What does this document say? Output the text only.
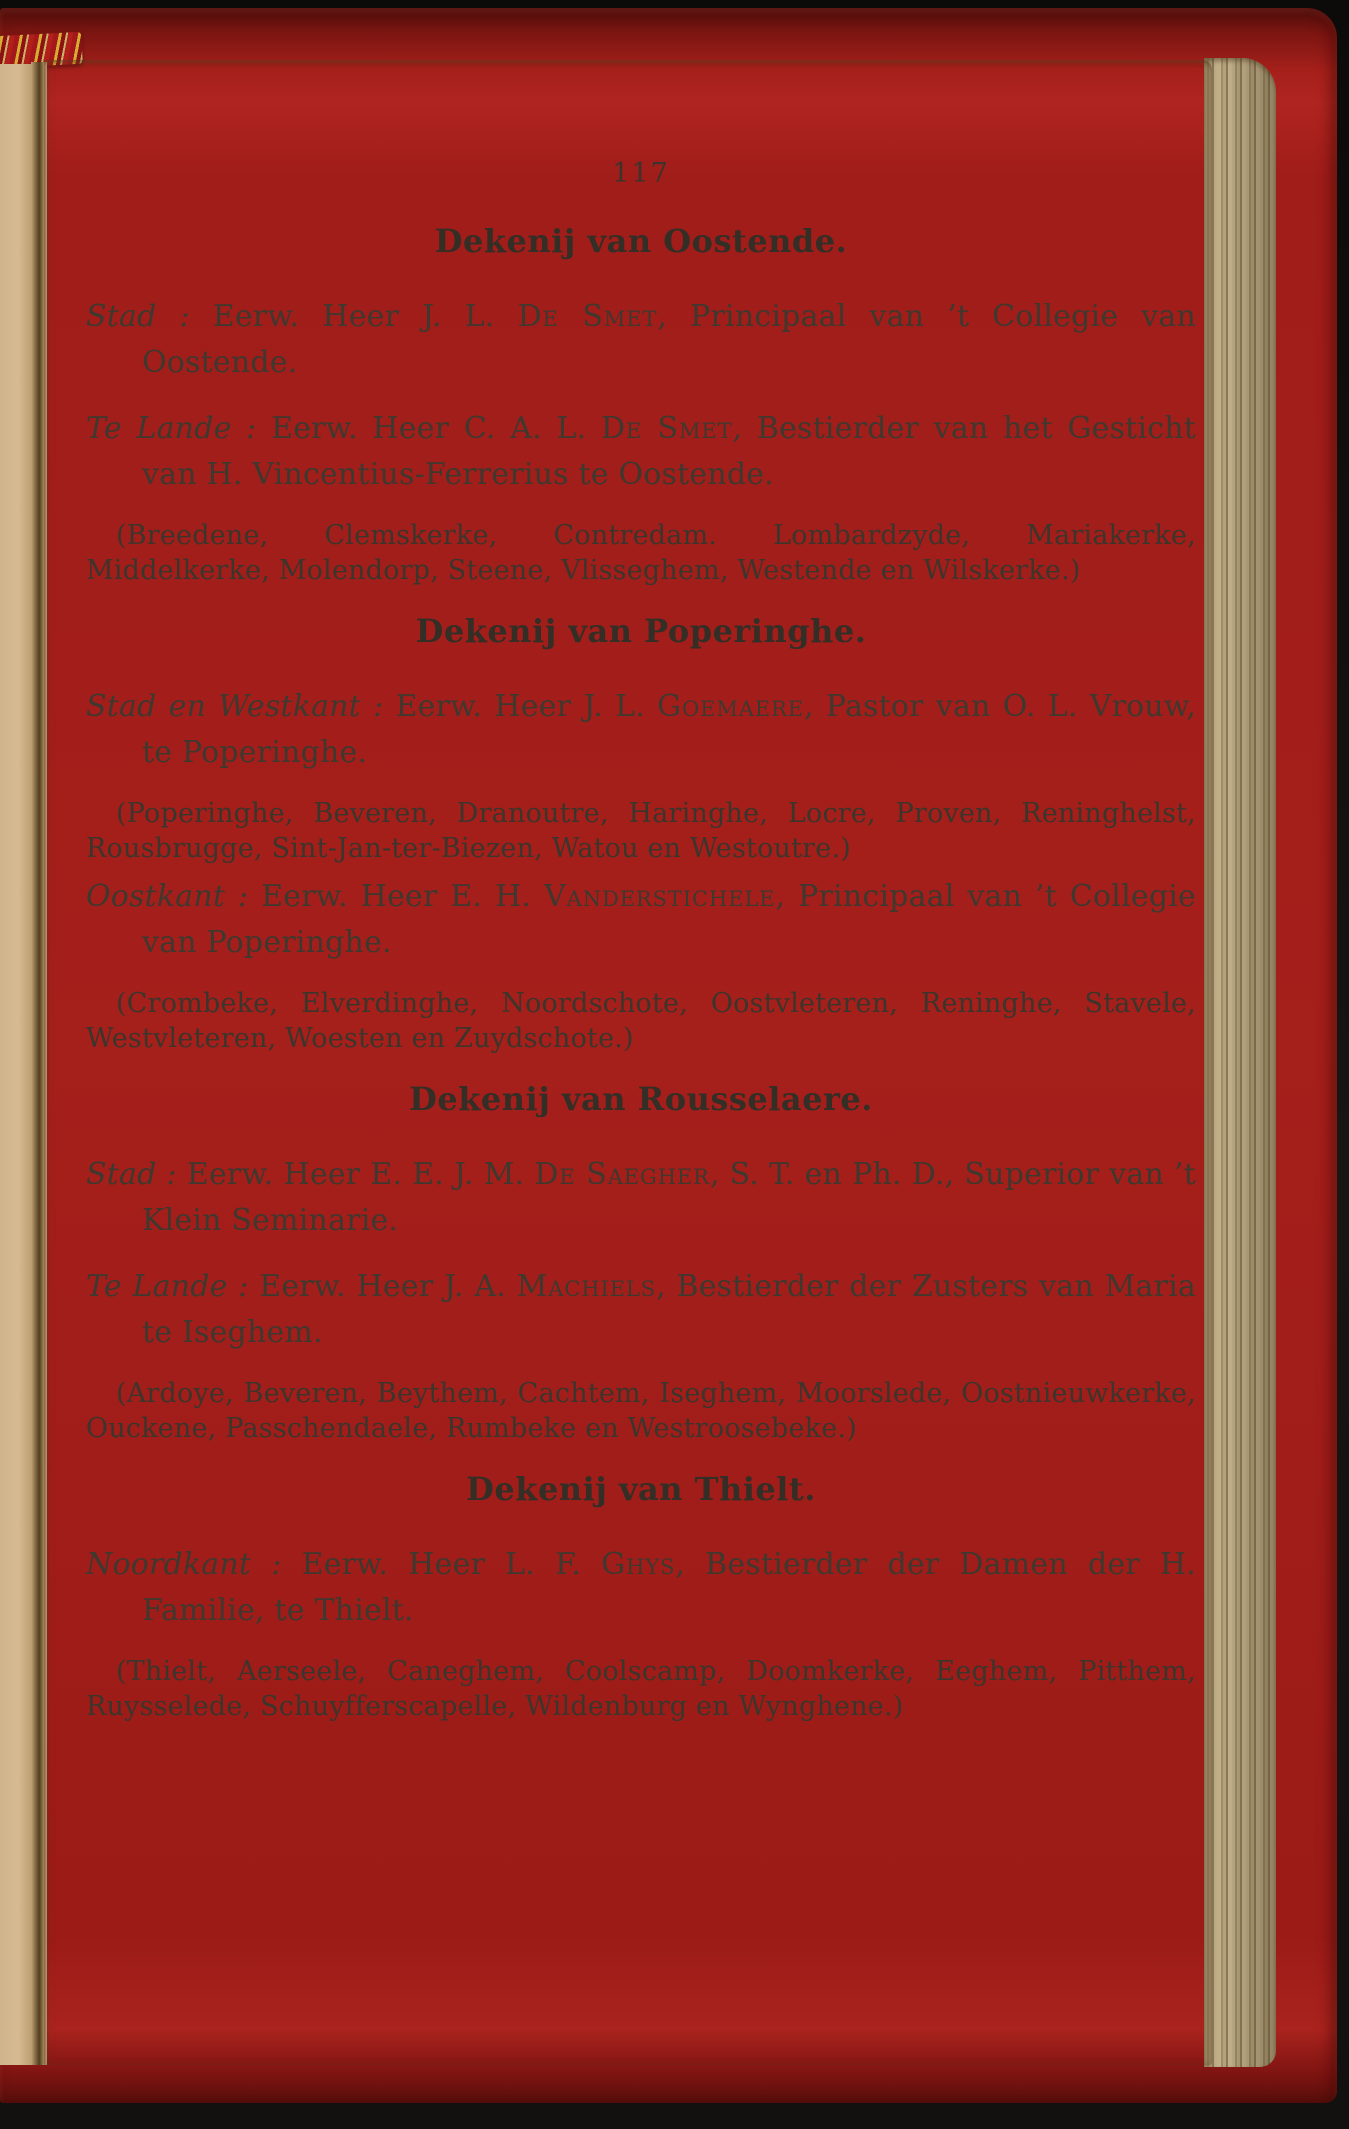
117
Dekenij van Oostende.

Stad : Eerw. Heer J. L. De Smet, Principaal van ’t Collegie van Oostende.

Te Lande : Eerw. Heer C. A. L. De Smet, Bestierder van het Gesticht van H. Vincentius-Ferrerius te Oostende.

(Breedene, Clemskerke, Contredam. Lombardzyde, Mariakerke, Middelkerke, Molendorp, Steene, Vlisseghem, Westende en Wilskerke.)

Dekenij van Poperinghe.

Stad en Westkant : Eerw. Heer J. L. Goemaere, Pastor van O. L. Vrouw, te Poperinghe.

(Poperinghe, Beveren, Dranoutre, Haringhe, Locre, Proven, Reninghelst, Rousbrugge, Sint-Jan-ter-Biezen, Watou en Westoutre.)

Oostkant : Eerw. Heer E. H. Vanderstichele, Principaal van ’t Collegie van Poperinghe.

(Crombeke, Elverdinghe, Noordschote, Oostvleteren, Reninghe, Stavele, Westvleteren, Woesten en Zuydschote.)

Dekenij van Rousselaere.

Stad : Eerw. Heer E. E. J. M. De Saegher, S. T. en Ph. D., Superior van ’t Klein Seminarie.

Te Lande : Eerw. Heer J. A. Machiels, Bestierder der Zusters van Maria te Iseghem.

(Ardoye, Beveren, Beythem, Cachtem, Iseghem, Moorslede, Oostnieuwkerke, Ouckene, Passchendaele, Rumbeke en Westroosebeke.)

Dekenij van Thielt.

Noordkant : Eerw. Heer L. F. Ghys, Bestierder der Damen der H. Familie, te Thielt.

(Thielt, Aerseele, Caneghem, Coolscamp, Doomkerke, Eeghem, Pitthem, Ruysselede, Schuyfferscapelle, Wildenburg en Wynghene.)
